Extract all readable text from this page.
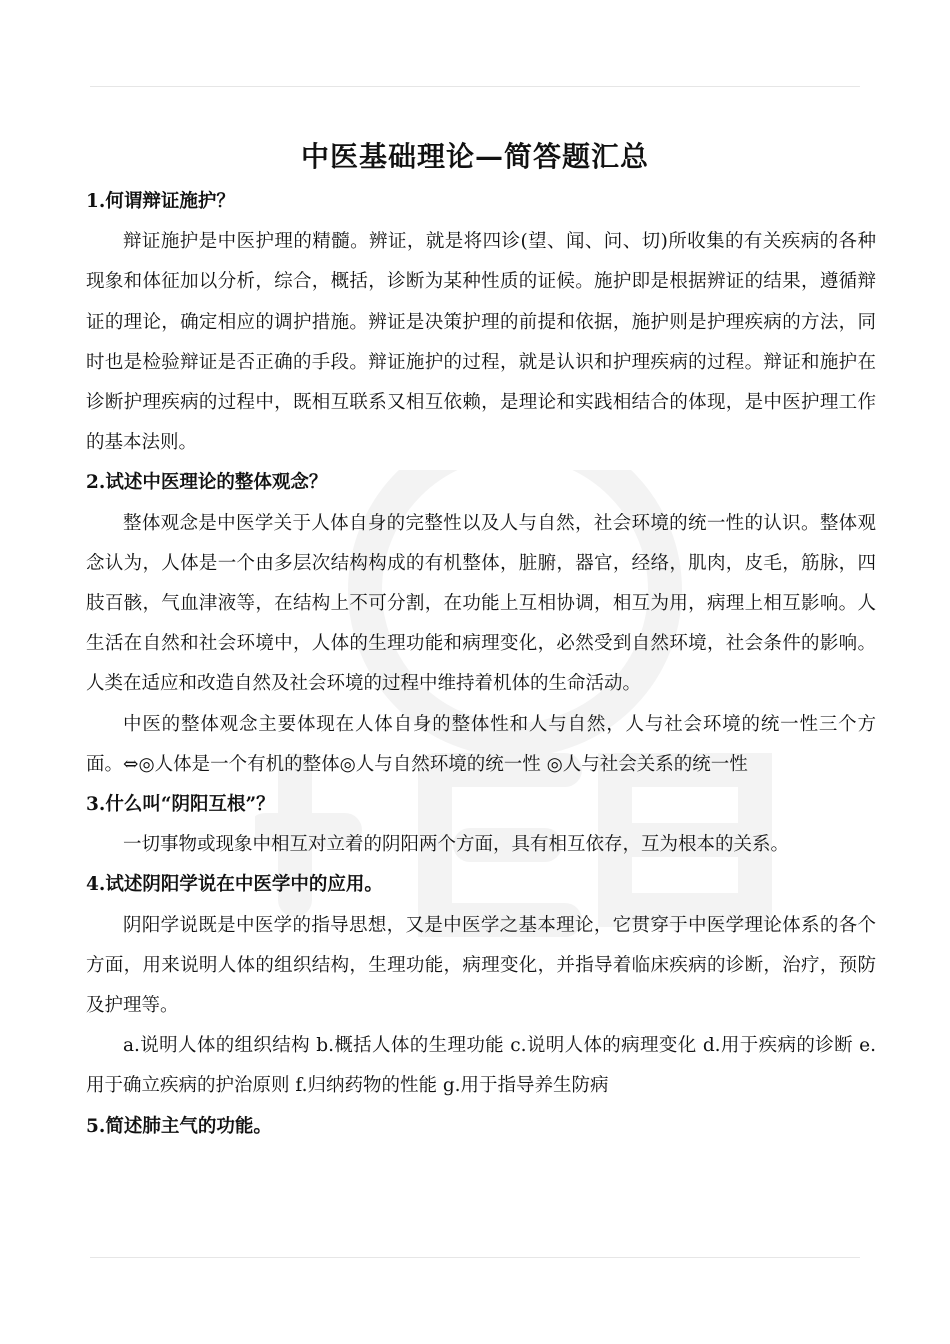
中医基础理论—简答题汇总

1.何谓辩证施护？

辩证施护是中医护理的精髓。辨证，就是将四诊(望、闻、问、切)所收集的有关疾病的各种现象和体征加以分析，综合，概括，诊断为某种性质的证候。施护即是根据辨证的结果，遵循辩证的理论，确定相应的调护措施。辨证是决策护理的前提和依据，施护则是护理疾病的方法，同时也是检验辩证是否正确的手段。辩证施护的过程，就是认识和护理疾病的过程。辩证和施护在诊断护理疾病的过程中，既相互联系又相互依赖，是理论和实践相结合的体现，是中医护理工作的基本法则。

2.试述中医理论的整体观念？

整体观念是中医学关于人体自身的完整性以及人与自然，社会环境的统一性的认识。整体观念认为，人体是一个由多层次结构构成的有机整体，脏腑，器官，经络，肌肉，皮毛，筋脉，四肢百骸，气血津液等，在结构上不可分割，在功能上互相协调，相互为用，病理上相互影响。人生活在自然和社会环境中，人体的生理功能和病理变化，必然受到自然环境，社会条件的影响。人类在适应和改造自然及社会环境的过程中维持着机体的生命活动。

中医的整体观念主要体现在人体自身的整体性和人与自然，人与社会环境的统一性三个方面。⇔◎人体是一个有机的整体◎人与自然环境的统一性 ◎人与社会关系的统一性

3.什么叫“阴阳互根”？

一切事物或现象中相互对立着的阴阳两个方面，具有相互依存，互为根本的关系。

4.试述阴阳学说在中医学中的应用。

阴阳学说既是中医学的指导思想，又是中医学之基本理论，它贯穿于中医学理论体系的各个方面，用来说明人体的组织结构，生理功能，病理变化，并指导着临床疾病的诊断，治疗，预防及护理等。

a.说明人体的组织结构 b.概括人体的生理功能 c.说明人体的病理变化 d.用于疾病的诊断 e.用于确立疾病的护治原则 f.归纳药物的性能 g.用于指导养生防病

5.简述肺主气的功能。
